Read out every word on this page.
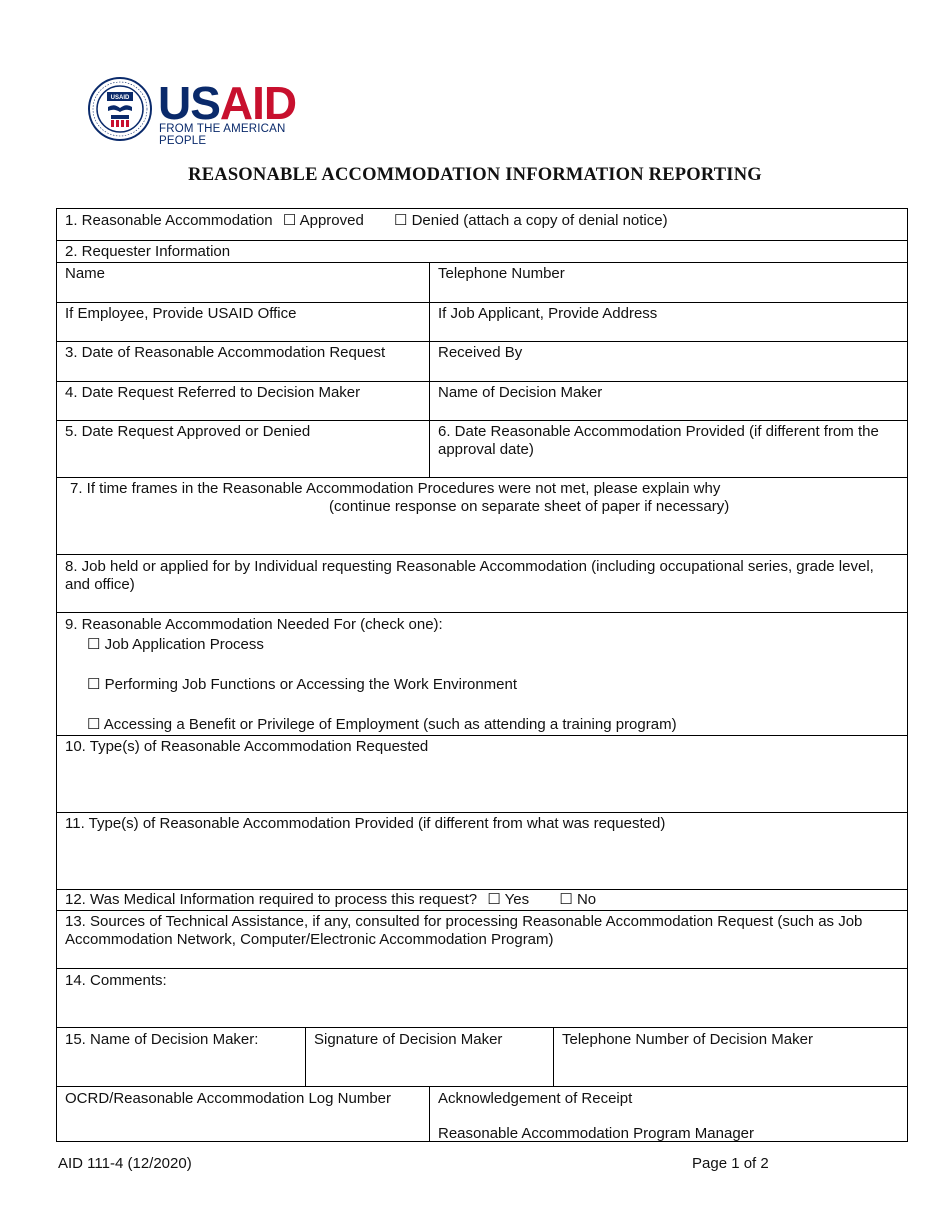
USAID USAID
FROM THE AMERICAN PEOPLE
REASONABLE ACCOMMODATION INFORMATION REPORTING
1. Reasonable Accommodation ☐ Approved ☐ Denied (attach a copy of denial notice)
2. Requester Information
Name	Telephone Number
If Employee, Provide USAID Office	If Job Applicant, Provide Address
3. Date of Reasonable Accommodation Request	Received By
4. Date Request Referred to Decision Maker	Name of Decision Maker
5. Date Request Approved or Denied	6. Date Reasonable Accommodation Provided (if different from the approval date)
7. If time frames in the Reasonable Accommodation Procedures were not met, please explain why
(continue response on separate sheet of paper if necessary)
8. Job held or applied for by Individual requesting Reasonable Accommodation (including occupational series, grade level, and office)
9. Reasonable Accommodation Needed For (check one):
☐ Job Application Process
☐ Performing Job Functions or Accessing the Work Environment
☐ Accessing a Benefit or Privilege of Employment (such as attending a training program)
10. Type(s) of Reasonable Accommodation Requested
11. Type(s) of Reasonable Accommodation Provided (if different from what was requested)
12. Was Medical Information required to process this request? ☐ Yes ☐ No
13. Sources of Technical Assistance, if any, consulted for processing Reasonable Accommodation Request (such as Job Accommodation Network, Computer/Electronic Accommodation Program)
14. Comments:
15. Name of Decision Maker:	Signature of Decision Maker	Telephone Number of Decision Maker
OCRD/Reasonable Accommodation Log Number	Acknowledgement of Receipt
Reasonable Accommodation Program Manager
AID 111-4 (12/2020)	Page 1 of 2
